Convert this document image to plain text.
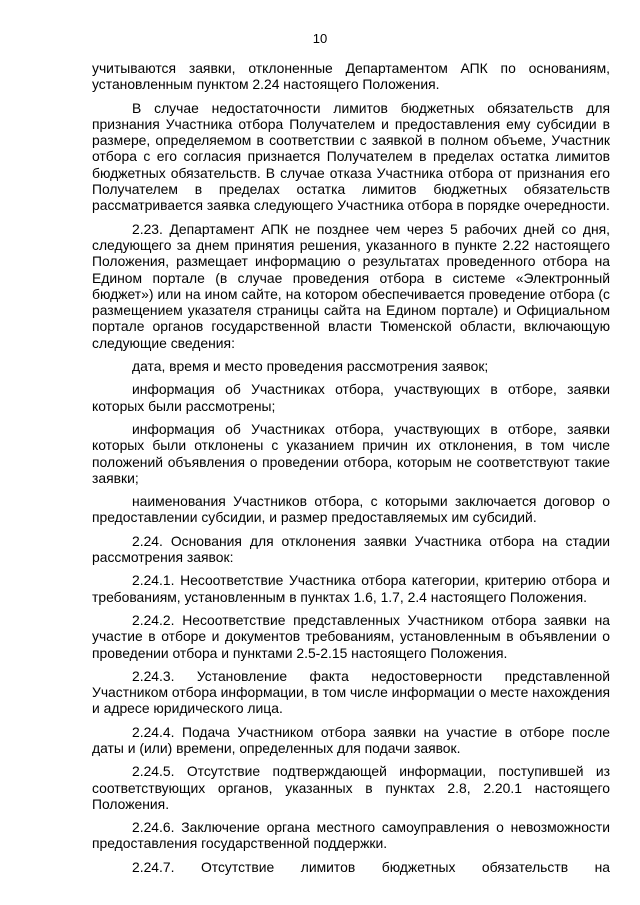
10

учитываются заявки, отклоненные Департаментом АПК по основаниям, установленным пунктом 2.24 настоящего Положения.

В случае недостаточности лимитов бюджетных обязательств для признания Участника отбора Получателем и предоставления ему субсидии в размере, определяемом в соответствии с заявкой в полном объеме, Участник отбора с его согласия признается Получателем в пределах остатка лимитов бюджетных обязательств. В случае отказа Участника отбора от признания его Получателем в пределах остатка лимитов бюджетных обязательств рассматривается заявка следующего Участника отбора в порядке очередности.

2.23. Департамент АПК не позднее чем через 5 рабочих дней со дня, следующего за днем принятия решения, указанного в пункте 2.22 настоящего Положения, размещает информацию о результатах проведенного отбора на Едином портале (в случае проведения отбора в системе «Электронный бюджет») или на ином сайте, на котором обеспечивается проведение отбора (с размещением указателя страницы сайта на Едином портале) и Официальном портале органов государственной власти Тюменской области, включающую следующие сведения:

дата, время и место проведения рассмотрения заявок;

информация об Участниках отбора, участвующих в отборе, заявки которых были рассмотрены;

информация об Участниках отбора, участвующих в отборе, заявки которых были отклонены с указанием причин их отклонения, в том числе положений объявления о проведении отбора, которым не соответствуют такие заявки;

наименования Участников отбора, с которыми заключается договор о предоставлении субсидии, и размер предоставляемых им субсидий.

2.24. Основания для отклонения заявки Участника отбора на стадии рассмотрения заявок:

2.24.1. Несоответствие Участника отбора категории, критерию отбора и требованиям, установленным в пунктах 1.6, 1.7, 2.4 настоящего Положения.

2.24.2. Несоответствие представленных Участником отбора заявки на участие в отборе и документов требованиям, установленным в объявлении о проведении отбора и пунктами 2.5-2.15 настоящего Положения.

2.24.3. Установление факта недостоверности представленной Участником отбора информации, в том числе информации о месте нахождения и адресе юридического лица.

2.24.4. Подача Участником отбора заявки на участие в отборе после даты и (или) времени, определенных для подачи заявок.

2.24.5. Отсутствие подтверждающей информации, поступившей из соответствующих органов, указанных в пунктах 2.8, 2.20.1 настоящего Положения.

2.24.6. Заключение органа местного самоуправления о невозможности предоставления государственной поддержки.

2.24.7. Отсутствие лимитов бюджетных обязательств на
